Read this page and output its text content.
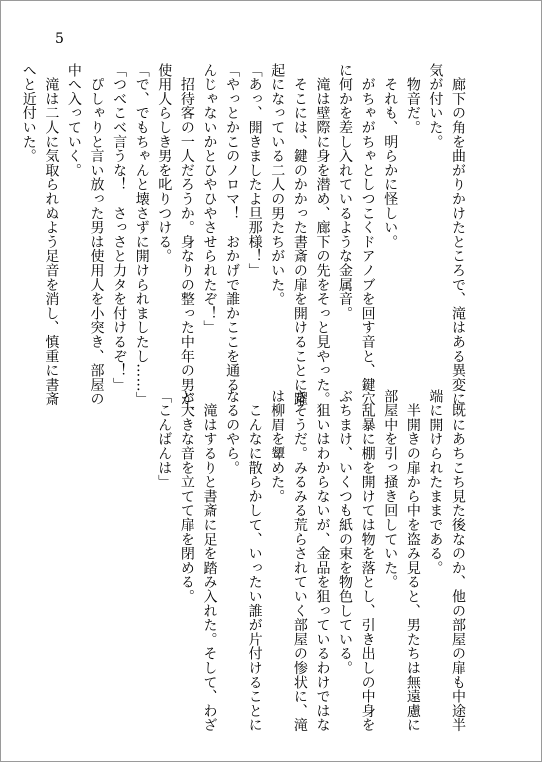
5
　廊下の角を曲がりかけたところで、滝はある異変に
気が付いた。
　物音だ。
　それも、明らかに怪しい。
　がちゃがちゃとしつこくドアノブを回す音と、鍵穴
に何かを差し入れているような金属音。
　滝は壁際に身を潜め、廊下の先をそっと見やった。
　そこには、鍵のかかった書斎の扉を開けることに躍
起になっている二人の男たちがいた。
「あっ、開きましたよ旦那様！」
「やっとかこのノロマ！　おかげで誰かここを通る
んじゃないかとひやひやさせられたぞ！」
　招待客の一人だろうか。身なりの整った中年の男が、
使用人らしき男を叱りつける。
「で、でもちゃんと壊さずに開けられましたし……」
「つべこべ言うな！　さっさと力タを付けるぞ！」
　ぴしゃりと言い放った男は使用人を小突き、部屋の
中へ入っていく。
　滝は二人に気取られぬよう足音を消し、慎重に書斎
へと近付いた。
　既にあちこち見た後なのか、他の部屋の扉も中途半
端に開けられたままである。
　半開きの扉から中を盗み見ると、男たちは無遠慮に
部屋中を引っ掻き回していた。
　乱暴に棚を開けては物を落とし、引き出しの中身を
ぶちまけ、いくつも紙の束を物色している。
　狙いはわからないが、金品を狙っているわけではな
さそうだ。みるみる荒らされていく部屋の惨状に、滝
は柳眉を顰めた。
　こんなに散らかして、いったい誰が片付けることに
なるのやら。
　滝はするりと書斎に足を踏み入れた。そして、わざ
と大きな音を立てて扉を閉める。
「こんばんは」
